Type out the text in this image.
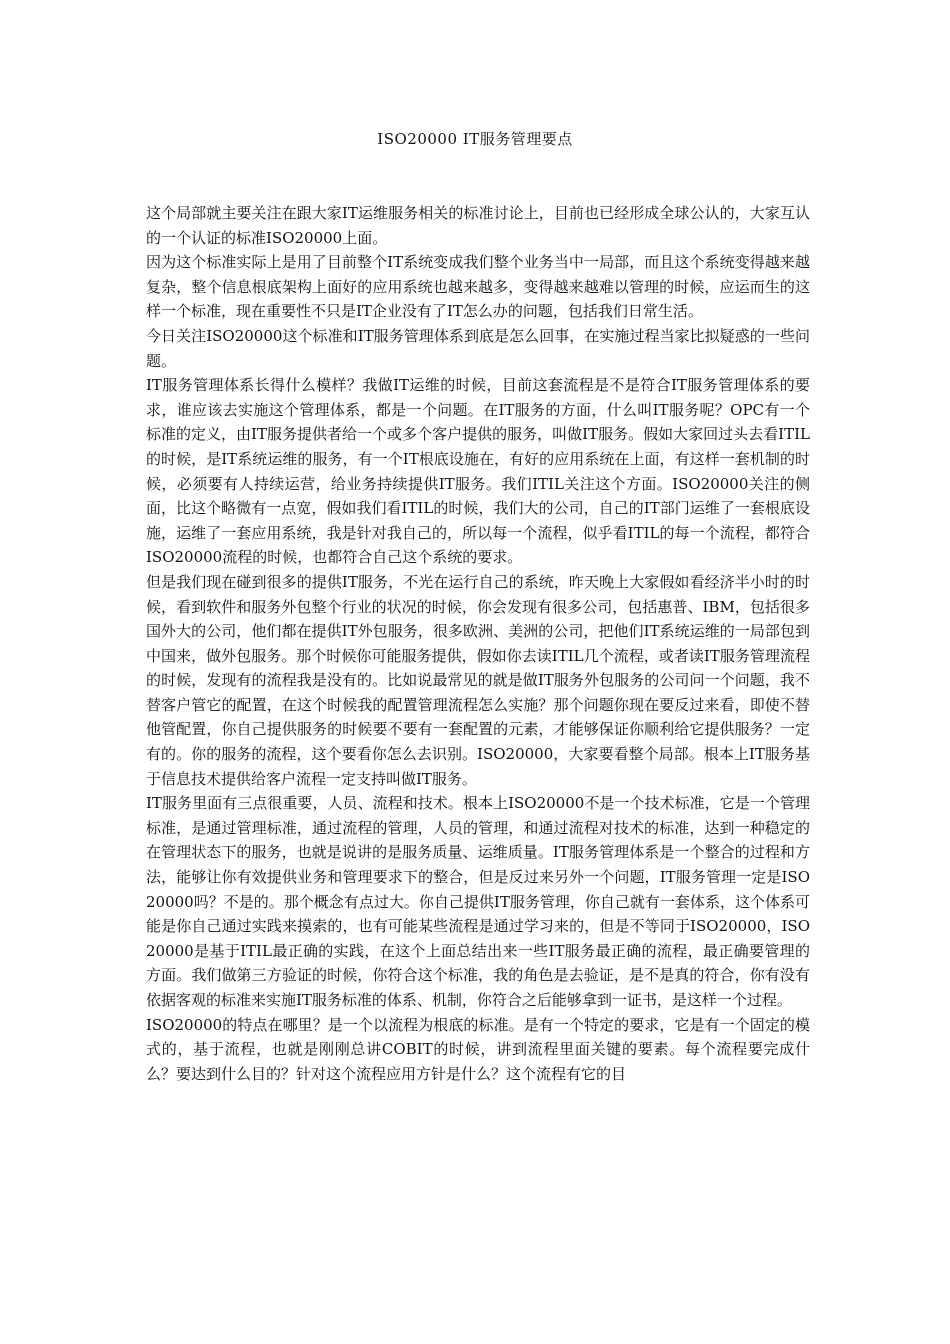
ISO20000 IT服务管理要点

这个局部就主要关注在跟大家IT运维服务相关的标准讨论上，目前也已经形成全球公认的，大家互认的一个认证的标准ISO20000上面。

因为这个标准实际上是用了目前整个IT系统变成我们整个业务当中一局部，而且这个系统变得越来越复杂，整个信息根底架构上面好的应用系统也越来越多，变得越来越难以管理的时候，应运而生的这样一个标准，现在重要性不只是IT企业没有了IT怎么办的问题，包括我们日常生活。

今日关注ISO20000这个标准和IT服务管理体系到底是怎么回事，在实施过程当家比拟疑惑的一些问题。

IT服务管理体系长得什么模样？我做IT运维的时候，目前这套流程是不是符合IT服务管理体系的要求，谁应该去实施这个管理体系，都是一个问题。在IT服务的方面，什么叫IT服务呢？OPC有一个标准的定义，由IT服务提供者给一个或多个客户提供的服务，叫做IT服务。假如大家回过头去看ITIL的时候，是IT系统运维的服务，有一个IT根底设施在，有好的应用系统在上面，有这样一套机制的时候，必须要有人持续运营，给业务持续提供IT服务。我们ITIL关注这个方面。ISO20000关注的侧面，比这个略微有一点宽，假如我们看ITIL的时候，我们大的公司，自己的IT部门运维了一套根底设施，运维了一套应用系统，我是针对我自己的，所以每一个流程，似乎看ITIL的每一个流程，都符合ISO20000流程的时候，也都符合自己这个系统的要求。

但是我们现在碰到很多的提供IT服务，不光在运行自己的系统，昨天晚上大家假如看经济半小时的时候，看到软件和服务外包整个行业的状况的时候，你会发现有很多公司，包括惠普、IBM，包括很多国外大的公司，他们都在提供IT外包服务，很多欧洲、美洲的公司，把他们IT系统运维的一局部包到中国来，做外包服务。那个时候你可能服务提供，假如你去读ITIL几个流程，或者读IT服务管理流程的时候，发现有的流程我是没有的。比如说最常见的就是做IT服务外包服务的公司问一个问题，我不替客户管它的配置，在这个时候我的配置管理流程怎么实施？那个问题你现在要反过来看，即使不替他管配置，你自己提供服务的时候要不要有一套配置的元素，才能够保证你顺利给它提供服务？一定有的。你的服务的流程，这个要看你怎么去识别。ISO20000，大家要看整个局部。根本上IT服务基于信息技术提供给客户流程一定支持叫做IT服务。

IT服务里面有三点很重要，人员、流程和技术。根本上ISO20000不是一个技术标准，它是一个管理标准，是通过管理标准，通过流程的管理，人员的管理，和通过流程对技术的标准，达到一种稳定的在管理状态下的服务，也就是说讲的是服务质量、运维质量。IT服务管理体系是一个整合的过程和方法，能够让你有效提供业务和管理要求下的整合，但是反过来另外一个问题，IT服务管理一定是ISO20000吗？不是的。那个概念有点过大。你自己提供IT服务管理，你自己就有一套体系，这个体系可能是你自己通过实践来摸索的，也有可能某些流程是通过学习来的，但是不等同于ISO20000，ISO20000是基于ITIL最正确的实践，在这个上面总结出来一些IT服务最正确的流程，最正确要管理的方面。我们做第三方验证的时候，你符合这个标准，我的角色是去验证，是不是真的符合，你有没有依据客观的标准来实施IT服务标准的体系、机制，你符合之后能够拿到一证书，是这样一个过程。

ISO20000的特点在哪里？是一个以流程为根底的标准。是有一个特定的要求，它是有一个固定的模式的，基于流程，也就是刚刚总讲COBIT的时候，讲到流程里面关键的要素。每个流程要完成什么？要达到什么目的？针对这个流程应用方针是什么？这个流程有它的目
